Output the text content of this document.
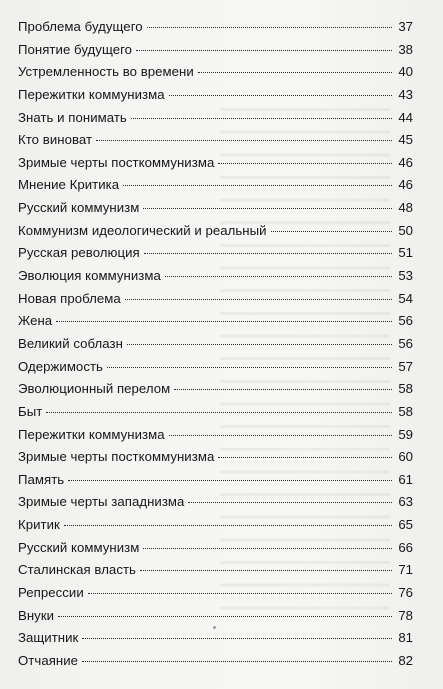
Проблема будущего	37
Понятие будущего	38
Устремленность во времени	40
Пережитки коммунизма	43
Знать и понимать	44
Кто виноват	45
Зримые черты посткоммунизма	46
Мнение Критика	46
Русский коммунизм	48
Коммунизм идеологический и реальный	50
Русская революция	51
Эволюция коммунизма	53
Новая проблема	54
Жена	56
Великий соблазн	56
Одержимость	57
Эволюционный перелом	58
Быт	58
Пережитки коммунизма	59
Зримые черты посткоммунизма	60
Память	61
Зримые черты западнизма	63
Критик	65
Русский коммунизм	66
Сталинская власть	71
Репрессии	76
Внуки	78
Защитник	81
Отчаяние	82
